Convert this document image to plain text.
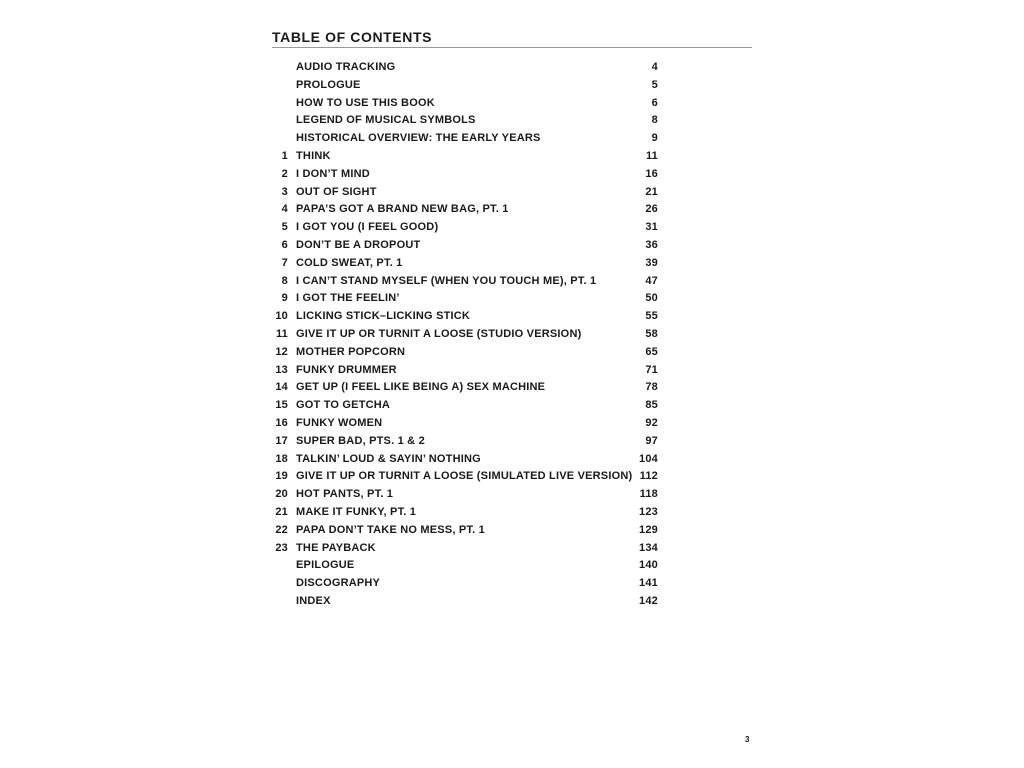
TABLE OF CONTENTS
AUDIO TRACKING	4
PROLOGUE	5
HOW TO USE THIS BOOK	6
LEGEND OF MUSICAL SYMBOLS	8
HISTORICAL OVERVIEW: THE EARLY YEARS	9
1 THINK	11
2 I DON’T MIND	16
3 OUT OF SIGHT	21
4 PAPA’S GOT A BRAND NEW BAG, PT. 1	26
5 I GOT YOU (I FEEL GOOD)	31
6 DON’T BE A DROPOUT	36
7 COLD SWEAT, PT. 1	39
8 I CAN’T STAND MYSELF (WHEN YOU TOUCH ME), PT. 1	47
9 I GOT THE FEELIN’	50
10 LICKING STICK–LICKING STICK	55
11 GIVE IT UP OR TURNIT A LOOSE (STUDIO VERSION)	58
12 MOTHER POPCORN	65
13 FUNKY DRUMMER	71
14 GET UP (I FEEL LIKE BEING A) SEX MACHINE	78
15 GOT TO GETCHA	85
16 FUNKY WOMEN	92
17 SUPER BAD, PTS. 1 & 2	97
18 TALKIN’ LOUD & SAYIN’ NOTHING	104
19 GIVE IT UP OR TURNIT A LOOSE (SIMULATED LIVE VERSION) 112
20 HOT PANTS, PT. 1	118
21 MAKE IT FUNKY, PT. 1	123
22 PAPA DON’T TAKE NO MESS, PT. 1	129
23 THE PAYBACK	134
EPILOGUE	140
DISCOGRAPHY	141
INDEX	142
3
